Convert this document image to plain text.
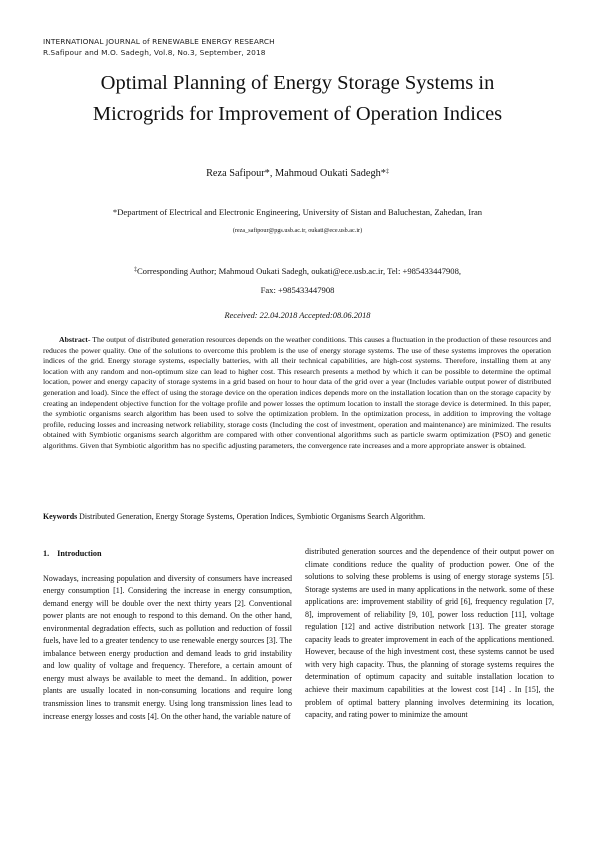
INTERNATIONAL JOURNAL of RENEWABLE ENERGY RESEARCH
R.Safipour and M.O. Sadegh, Vol.8, No.3, September, 2018
Optimal Planning of Energy Storage Systems in
Microgrids for Improvement of Operation Indices
Reza Safipour*, Mahmoud Oukati Sadegh*‡
*Department of Electrical and Electronic Engineering, University of Sistan and Baluchestan, Zahedan, Iran
(reza_safipour@pgs.usb.ac.ir, oukati@ece.usb.ac.ir)
‡Corresponding Author; Mahmoud Oukati Sadegh, oukati@ece.usb.ac.ir, Tel: +985433447908,
Fax: +985433447908
Received: 22.04.2018 Accepted:08.06.2018
Abstract- The output of distributed generation resources depends on the weather conditions. This causes a fluctuation in the production of these resources and reduces the power quality. One of the solutions to overcome this problem is the use of energy storage systems. The use of these systems improves the operation indices of the grid. Energy storage systems, especially batteries, with all their technical capabilities, are high-cost systems. Therefore, installing them at any location with any random and non-optimum size can lead to higher cost. This research presents a method by which it can be possible to determine the optimal location, power and energy capacity of storage systems in a grid based on hour to hour data of the grid over a year (Includes variable output power of distributed generation and load). Since the effect of using the storage device on the operation indices depends more on the installation location than on the storage capacity by creating an independent objective function for the voltage profile and power losses the optimum location to install the storage device is determined. In this paper, the symbiotic organisms search algorithm has been used to solve the optimization problem. In the optimization process, in addition to improving the voltage profile, reducing losses and increasing network reliability, storage costs (Including the cost of investment, operation and maintenance) are minimized. The results obtained with Symbiotic organisms search algorithm are compared with other conventional algorithms such as particle swarm optimization (PSO) and genetic algorithms. Given that Symbiotic algorithm has no specific adjusting parameters, the convergence rate increases and a more appropriate answer is obtained.
Keywords Distributed Generation, Energy Storage Systems, Operation Indices, Symbiotic Organisms Search Algorithm.
1. Introduction

Nowadays, increasing population and diversity of consumers have increased energy consumption [1]. Considering the increase in energy consumption, demand energy will be double over the next thirty years [2]. Conventional power plants are not enough to respond to this demand. On the other hand, environmental degradation effects, such as pollution and reduction of fossil fuels, have led to a greater tendency to use renewable energy sources [3]. The imbalance between energy production and demand leads to grid instability and low quality of voltage and frequency. Therefore, a certain amount of energy must always be available to meet the demand.. In addition, power plants are usually located in non-consuming locations and require long transmission lines to transmit energy. Using long transmission lines lead to increase energy losses and costs [4]. On the other hand, the variable nature of

distributed generation sources and the dependence of their output power on climate conditions reduce the quality of production power. One of the solutions to solving these problems is using of energy storage systems [5]. Storage systems are used in many applications in the network. some of these applications are: improvement stability of grid [6], frequency regulation [7, 8], improvement of reliability [9, 10], power loss reduction [11], voltage regulation [12] and active distribution network [13]. The greater storage capacity leads to greater improvement in each of the applications mentioned. However, because of the high investment cost, these systems cannot be used with very high capacity. Thus, the planning of storage systems requires the determination of optimum capacity and suitable installation location to achieve their maximum capabilities at the lowest cost [14] . In [15], the problem of optimal battery planning involves determining its location, capacity, and rating power to minimize the amount
